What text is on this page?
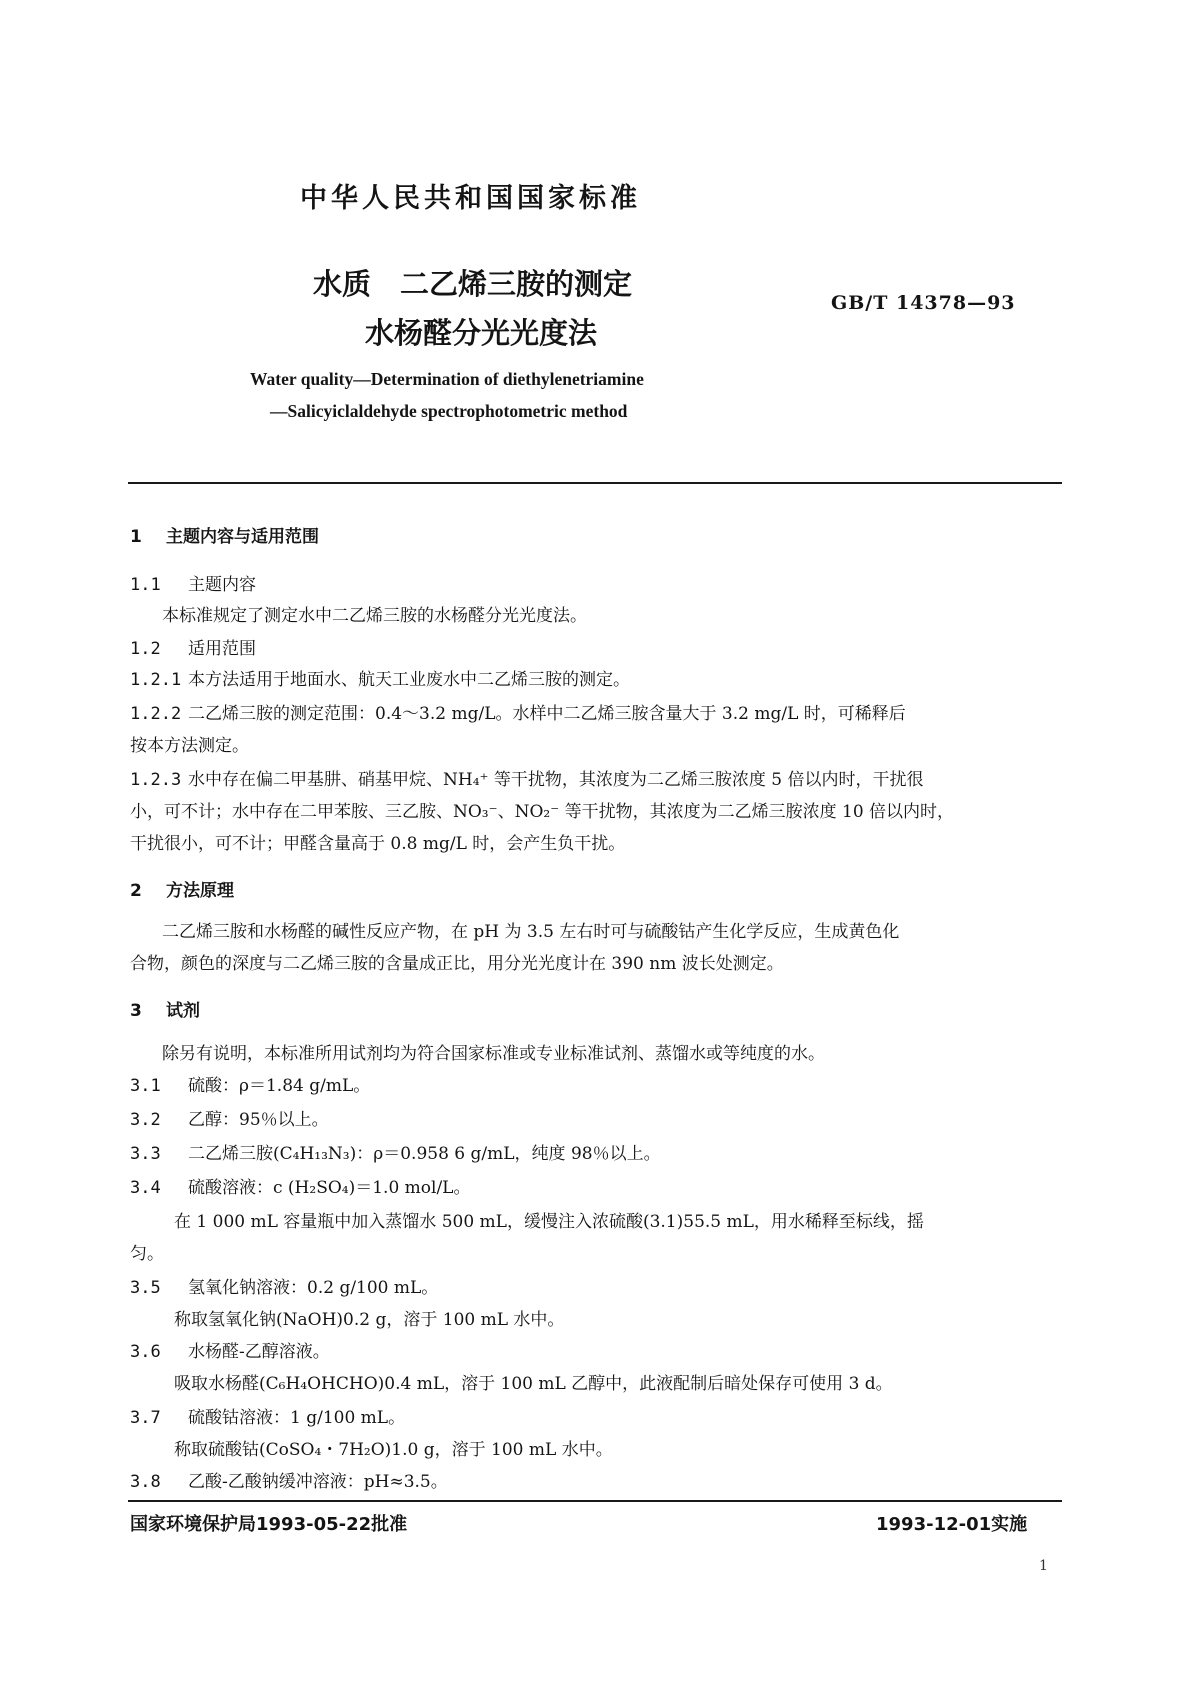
中华人民共和国国家标准
水质　二乙烯三胺的测定
水杨醛分光光度法
GB/T 14378—93
Water quality—Determination of diethylenetriamine
—Salicyiclaldehyde spectrophotometric method
1 主题内容与适用范围
1.1 主题内容
本标准规定了测定水中二乙烯三胺的水杨醛分光光度法。
1.2 适用范围
1.2.1 本方法适用于地面水、航天工业废水中二乙烯三胺的测定。
1.2.2 二乙烯三胺的测定范围：0.4～3.2 mg/L。水样中二乙烯三胺含量大于 3.2 mg/L 时，可稀释后
按本方法测定。
1.2.3 水中存在偏二甲基肼、硝基甲烷、NH₄⁺ 等干扰物，其浓度为二乙烯三胺浓度 5 倍以内时，干扰很
小，可不计；水中存在二甲苯胺、三乙胺、NO₃⁻、NO₂⁻ 等干扰物，其浓度为二乙烯三胺浓度 10 倍以内时，
干扰很小，可不计；甲醛含量高于 0.8 mg/L 时，会产生负干扰。
2 方法原理
二乙烯三胺和水杨醛的碱性反应产物，在 pH 为 3.5 左右时可与硫酸钴产生化学反应，生成黄色化
合物，颜色的深度与二乙烯三胺的含量成正比，用分光光度计在 390 nm 波长处测定。
3 试剂
除另有说明，本标准所用试剂均为符合国家标准或专业标准试剂、蒸馏水或等纯度的水。
3.1 硫酸：ρ＝1.84 g/mL。
3.2 乙醇：95％以上。
3.3 二乙烯三胺(C₄H₁₃N₃)：ρ＝0.958 6 g/mL，纯度 98％以上。
3.4 硫酸溶液：c (H₂SO₄)＝1.0 mol/L。
在 1 000 mL 容量瓶中加入蒸馏水 500 mL，缓慢注入浓硫酸(3.1)55.5 mL，用水稀释至标线，摇
匀。
3.5 氢氧化钠溶液：0.2 g/100 mL。
称取氢氧化钠(NaOH)0.2 g，溶于 100 mL 水中。
3.6 水杨醛-乙醇溶液。
吸取水杨醛(C₆H₄OHCHO)0.4 mL，溶于 100 mL 乙醇中，此液配制后暗处保存可使用 3 d。
3.7 硫酸钴溶液：1 g/100 mL。
称取硫酸钴(CoSO₄・7H₂O)1.0 g，溶于 100 mL 水中。
3.8 乙酸-乙酸钠缓冲溶液：pH≈3.5。
国家环境保护局1993-05-22批准	1993-12-01实施
1
